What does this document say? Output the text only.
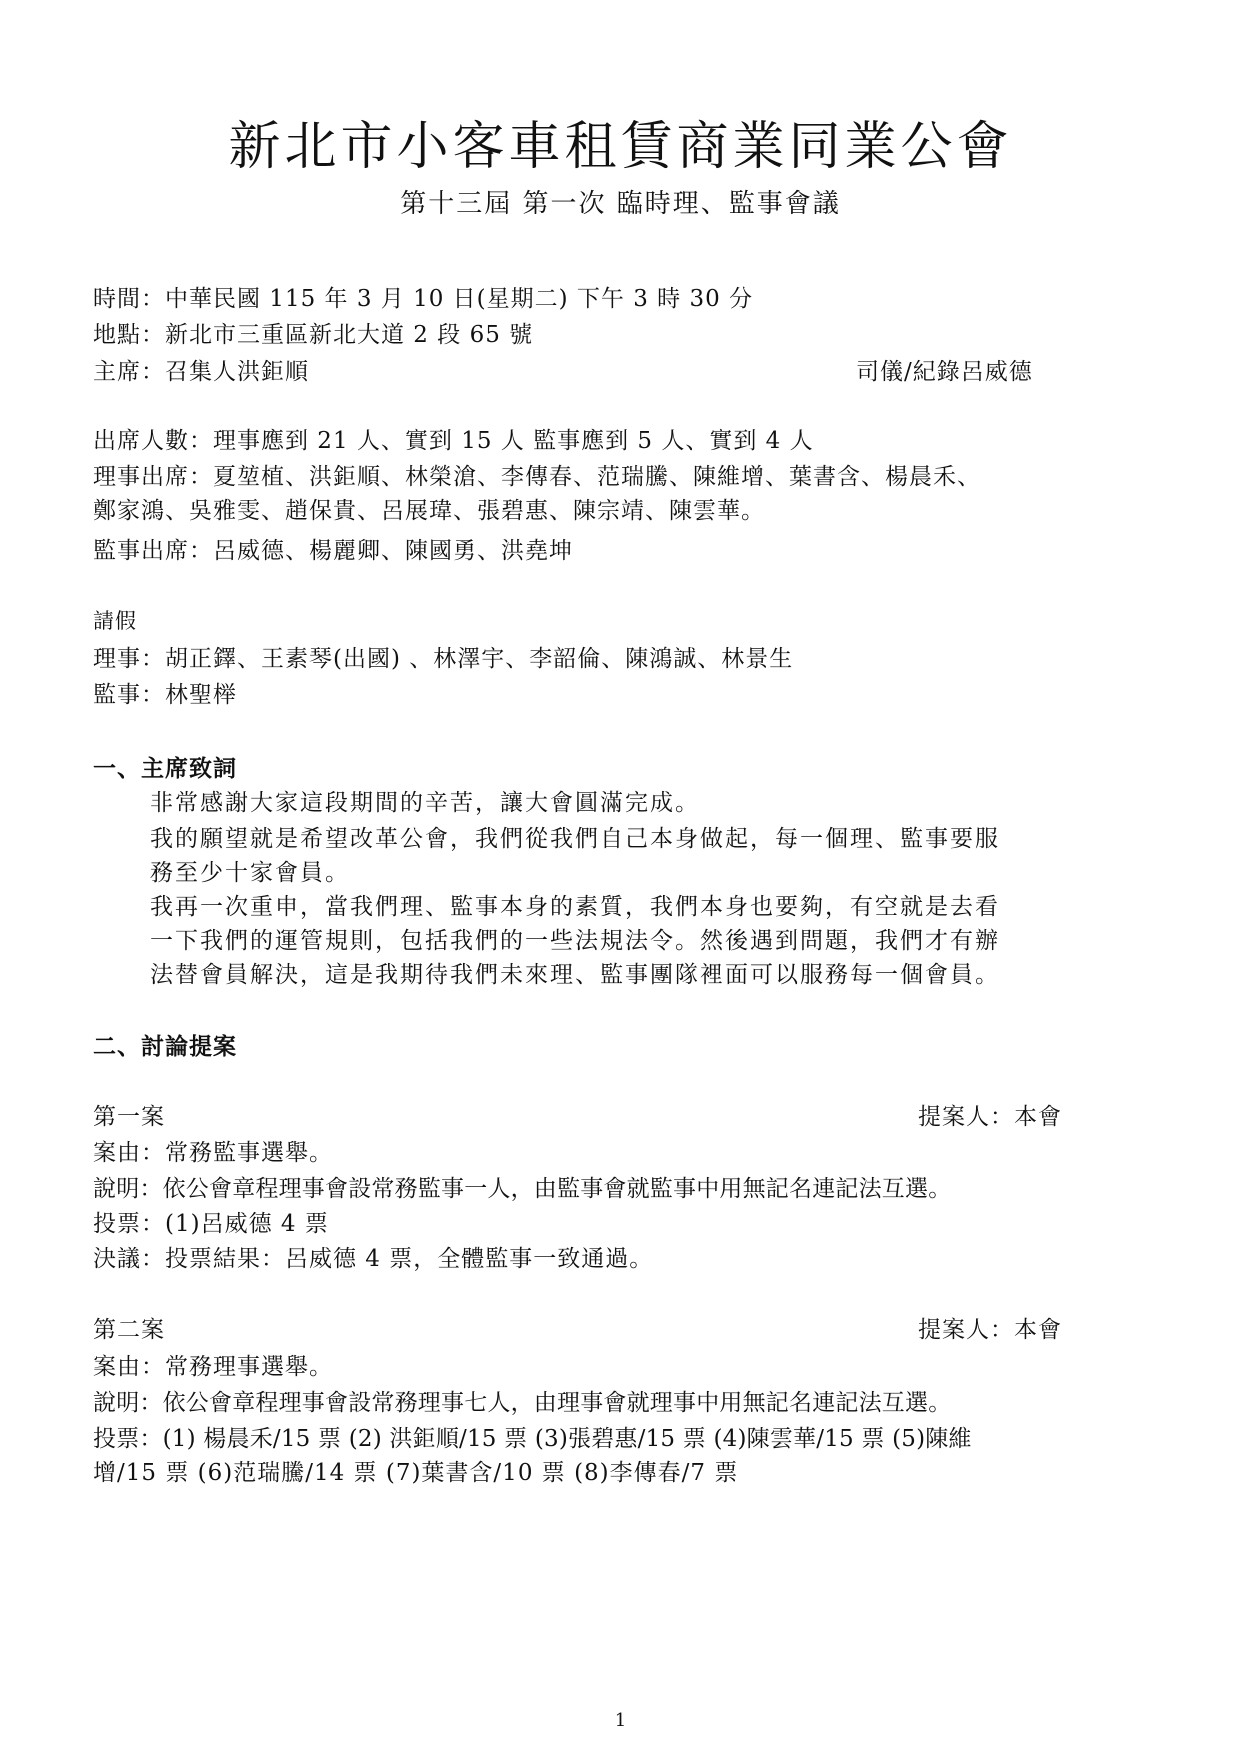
新北市小客車租賃商業同業公會
第十三屆 第一次 臨時理、監事會議
時間：中華民國 115 年 3 月 10 日(星期二) 下午 3 時 30 分
地點：新北市三重區新北大道 2 段 65 號
主席：召集人洪鉅順	司儀/紀錄呂威德
出席人數：理事應到 21 人、實到 15 人 監事應到 5 人、實到 4 人
理事出席：夏堃植、洪鉅順、林榮滄、李傳春、范瑞騰、陳維增、葉書含、楊晨禾、
鄭家鴻、吳雅雯、趙保貴、呂展瑋、張碧惠、陳宗靖、陳雲華。
監事出席：呂威德、楊麗卿、陳國勇、洪堯坤
請假
理事：胡正鐸、王素琴(出國) 、林澤宇、李韶倫、陳鴻誠、林景生
監事：林聖榉
一、主席致詞
非常感謝大家這段期間的辛苦，讓大會圓滿完成。
我的願望就是希望改革公會，我們從我們自己本身做起，每一個理、監事要服
務至少十家會員。
我再一次重申，當我們理、監事本身的素質，我們本身也要夠，有空就是去看
一下我們的運管規則，包括我們的一些法規法令。然後遇到問題，我們才有辦
法替會員解決，這是我期待我們未來理、監事團隊裡面可以服務每一個會員。
二、討論提案
第一案	提案人：本會
案由：常務監事選舉。
說明：依公會章程理事會設常務監事一人，由監事會就監事中用無記名連記法互選。
投票：(1)呂威德 4 票
決議：投票結果：呂威德 4 票，全體監事一致通過。
第二案	提案人：本會
案由：常務理事選舉。
說明：依公會章程理事會設常務理事七人，由理事會就理事中用無記名連記法互選。
投票：(1) 楊晨禾/15 票 (2) 洪鉅順/15 票 (3)張碧惠/15 票 (4)陳雲華/15 票 (5)陳維
增/15 票 (6)范瑞騰/14 票 (7)葉書含/10 票 (8)李傳春/7 票
1
